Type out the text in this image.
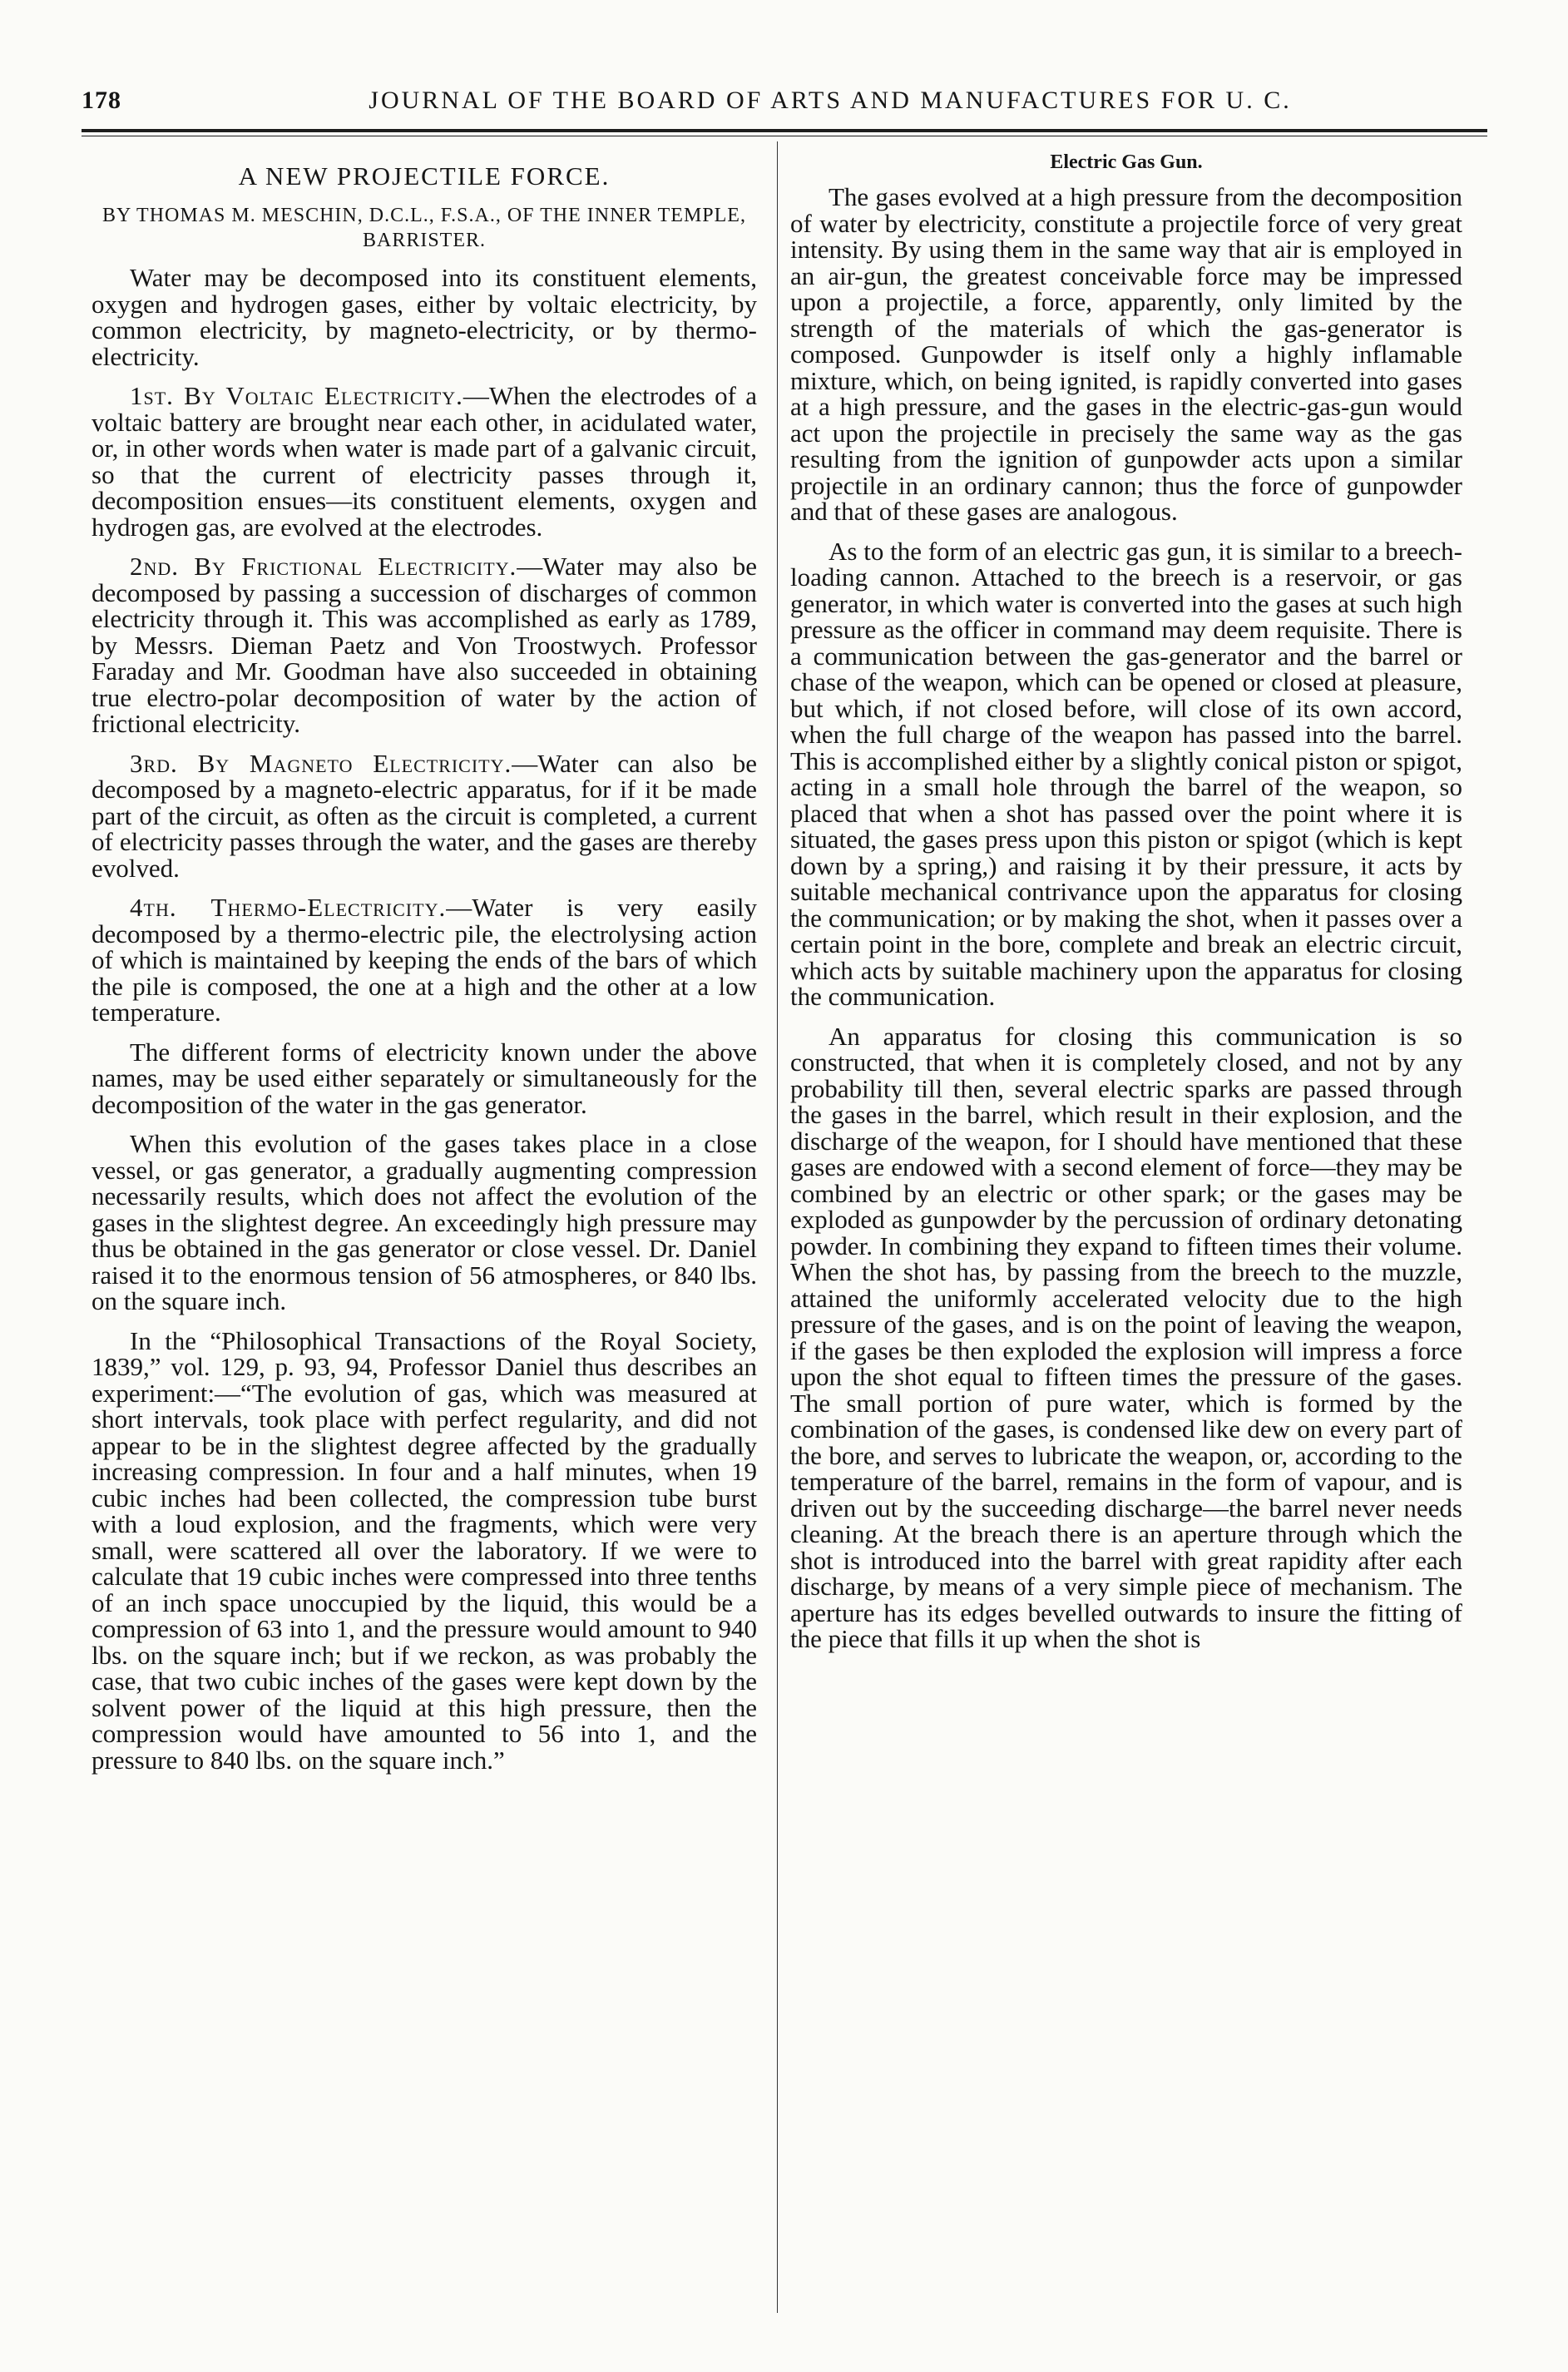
178	JOURNAL OF THE BOARD OF ARTS AND MANUFACTURES FOR U. C.
A NEW PROJECTILE FORCE.
BY THOMAS M. MESCHIN, D.C.L., F.S.A., OF THE INNER TEMPLE, BARRISTER.

Water may be decomposed into its constituent elements, oxygen and hydrogen gases, either by voltaic electricity, by common electricity, by magneto-electricity, or by thermo-electricity.

1st. By Voltaic Electricity.—When the electrodes of a voltaic battery are brought near each other, in acidulated water, or, in other words when water is made part of a galvanic circuit, so that the current of electricity passes through it, decomposition ensues—its constituent elements, oxygen and hydrogen gas, are evolved at the electrodes.

2nd. By Frictional Electricity.—Water may also be decomposed by passing a succession of discharges of common electricity through it. This was accomplished as early as 1789, by Messrs. Dieman Paetz and Von Troostwych. Professor Faraday and Mr. Goodman have also succeeded in obtaining true electro-polar decomposition of water by the action of frictional electricity.

3rd. By Magneto Electricity.—Water can also be decomposed by a magneto-electric apparatus, for if it be made part of the circuit, as often as the circuit is completed, a current of electricity passes through the water, and the gases are thereby evolved.

4th. Thermo-Electricity.—Water is very easily decomposed by a thermo-electric pile, the electrolysing action of which is maintained by keeping the ends of the bars of which the pile is composed, the one at a high and the other at a low temperature.

The different forms of electricity known under the above names, may be used either separately or simultaneously for the decomposition of the water in the gas generator.

When this evolution of the gases takes place in a close vessel, or gas generator, a gradually augmenting compression necessarily results, which does not affect the evolution of the gases in the slightest degree. An exceedingly high pressure may thus be obtained in the gas generator or close vessel. Dr. Daniel raised it to the enormous tension of 56 atmospheres, or 840 lbs. on the square inch.

In the “Philosophical Transactions of the Royal Society, 1839,” vol. 129, p. 93, 94, Professor Daniel thus describes an experiment:—“The evolution of gas, which was measured at short intervals, took place with perfect regularity, and did not appear to be in the slightest degree affected by the gradually increasing compression. In four and a half minutes, when 19 cubic inches had been collected, the compression tube burst with a loud explosion, and the fragments, which were very small, were scattered all over the laboratory. If we were to calculate that 19 cubic inches were compressed into three tenths of an inch space unoccupied by the liquid, this would be a compression of 63 into 1, and the pressure would amount to 940 lbs. on the square inch; but if we reckon, as was probably the case, that two cubic inches of the gases were kept down by the solvent power of the liquid at this high pressure, then the compression would have amounted to 56 into 1, and the pressure to 840 lbs. on the square inch.”

Electric Gas Gun.

The gases evolved at a high pressure from the decomposition of water by electricity, constitute a projectile force of very great intensity. By using them in the same way that air is employed in an air-gun, the greatest conceivable force may be impressed upon a projectile, a force, apparently, only limited by the strength of the materials of which the gas-generator is composed. Gunpowder is itself only a highly inflamable mixture, which, on being ignited, is rapidly converted into gases at a high pressure, and the gases in the electric-gas-gun would act upon the projectile in precisely the same way as the gas resulting from the ignition of gunpowder acts upon a similar projectile in an ordinary cannon; thus the force of gunpowder and that of these gases are analogous.

As to the form of an electric gas gun, it is similar to a breech-loading cannon. Attached to the breech is a reservoir, or gas generator, in which water is converted into the gases at such high pressure as the officer in command may deem requisite. There is a communication between the gas-generator and the barrel or chase of the weapon, which can be opened or closed at pleasure, but which, if not closed before, will close of its own accord, when the full charge of the weapon has passed into the barrel. This is accomplished either by a slightly conical piston or spigot, acting in a small hole through the barrel of the weapon, so placed that when a shot has passed over the point where it is situated, the gases press upon this piston or spigot (which is kept down by a spring,) and raising it by their pressure, it acts by suitable mechanical contrivance upon the apparatus for closing the communication; or by making the shot, when it passes over a certain point in the bore, complete and break an electric circuit, which acts by suitable machinery upon the apparatus for closing the communication.

An apparatus for closing this communication is so constructed, that when it is completely closed, and not by any probability till then, several electric sparks are passed through the gases in the barrel, which result in their explosion, and the discharge of the weapon, for I should have mentioned that these gases are endowed with a second element of force—they may be combined by an electric or other spark; or the gases may be exploded as gunpowder by the percussion of ordinary detonating powder. In combining they expand to fifteen times their volume. When the shot has, by passing from the breech to the muzzle, attained the uniformly accelerated velocity due to the high pressure of the gases, and is on the point of leaving the weapon, if the gases be then exploded the explosion will impress a force upon the shot equal to fifteen times the pressure of the gases. The small portion of pure water, which is formed by the combination of the gases, is condensed like dew on every part of the bore, and serves to lubricate the weapon, or, according to the temperature of the barrel, remains in the form of vapour, and is driven out by the succeeding discharge—the barrel never needs cleaning. At the breach there is an aperture through which the shot is introduced into the barrel with great rapidity after each discharge, by means of a very simple piece of mechanism. The aperture has its edges bevelled outwards to insure the fitting of the piece that fills it up when the shot is
